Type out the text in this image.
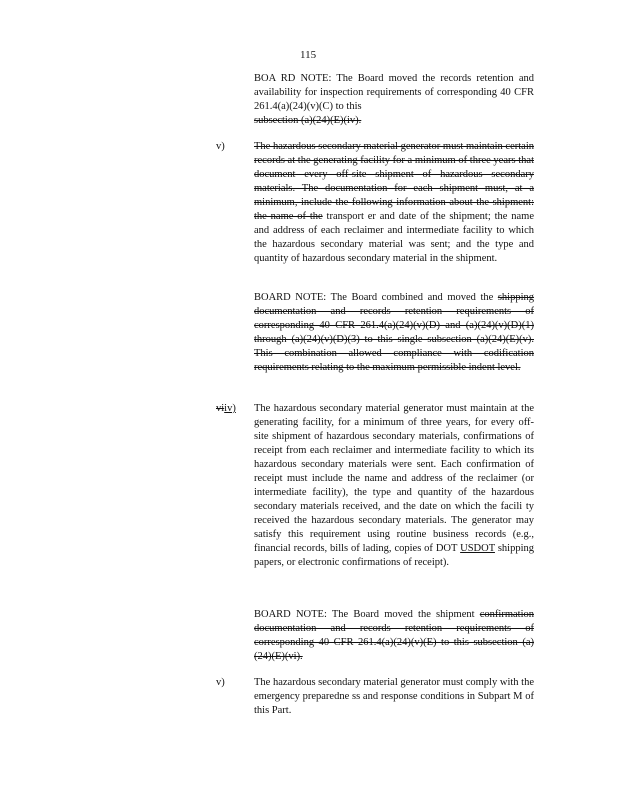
115

BOA RD NOTE: The Board moved the records retention and availability for inspection requirements of corresponding 40 CFR 261.4(a)(24)(v)(C) to this
subsection (a)(24)(E)(iv).

v)	The hazardous secondary material generator must maintain certain records at the generating facility for a minimum of three years that document every off-site shipment of hazardous secondary materials. The documentation for each shipment must, at a minimum, include the following information about the shipment: the name of the transport er and date of the shipment; the name and address of each reclaimer and intermediate facility to which the hazardous secondary material was sent; and the type and quantity of hazardous secondary material in the shipment.

BOARD NOTE: The Board combined and moved the shipping documentation and records retention requirements of corresponding 40 CFR 261.4(a)(24)(v)(D) and (a)(24)(v)(D)(1) through (a)(24)(v)(D)(3) to this single subsection (a)(24)(E)(v). This combination allowed compliance with codification requirements relating to the maximum permissible indent level.

viiv)	The hazardous secondary material generator must maintain at the generating facility, for a minimum of three years, for every off-site shipment of hazardous secondary materials, confirmations of receipt from each reclaimer and intermediate facility to which its hazardous secondary materials were sent. Each confirmation of receipt must include the name and address of the reclaimer (or intermediate facility), the type and quantity of the hazardous secondary materials received, and the date on which the facili ty received the hazardous secondary materials. The generator may satisfy this requirement using routine business records (e.g., financial records, bills of lading, copies of DOT USDOT shipping papers, or electronic confirmations of receipt).

BOARD NOTE: The Board moved the shipment confirmation documentation and records retention requirements of corresponding 40 CFR 261.4(a)(24)(v)(E) to this subsection (a)(24)(E)(vi).

v)	The hazardous secondary material generator must comply with the emergency preparedne ss and response conditions in Subpart M of this Part.
